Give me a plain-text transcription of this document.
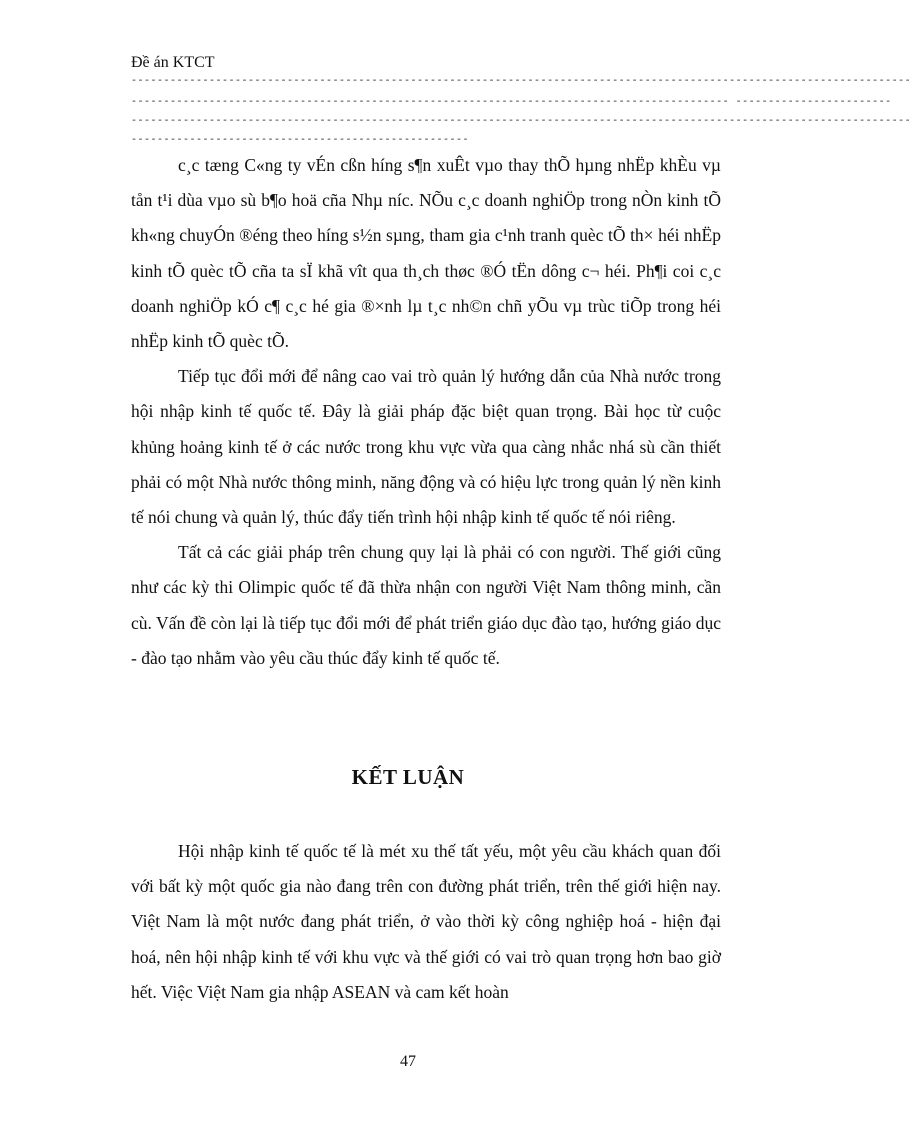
Đề án KTCT
------------------------------------------------------------------------------------------------------------------------
-------------------------------------------------------------------------------------------- ------------------------
------------------------------------------------------------------------------------------------------------------------
----------------------------------------------------

c¸c tæng C«ng ty vÉn cßn híng s¶n xuÊt vµo thay thÕ hµng nhËp khÈu vµ tån t¹i dùa vµo sù b¶o hoä cña Nhµ níc. NÕu c¸c doanh nghiÖp trong nÒn kinh tÕ kh«ng chuyÓn ®éng theo híng s½n sµng, tham gia c¹nh tranh quèc tÕ th× héi nhËp kinh tÕ quèc tÕ cña ta sÏ khã vît qua th¸ch thøc ®Ó tËn dông c¬ héi. Ph¶i coi c¸c doanh nghiÖp kÓ c¶ c¸c hé gia ®×nh lµ t¸c nh©n chñ yÕu vµ trùc tiÕp trong héi nhËp kinh tÕ quèc tÕ.

Tiếp tục đổi mới để nâng cao vai trò quản lý hướng dẫn của Nhà nước trong hội nhập kinh tế quốc tế. Đây là giải pháp đặc biệt quan trọng. Bài học từ cuộc khủng hoảng kinh tế ở các nước trong khu vực vừa qua càng nhắc nhá sù cần thiết phải có một Nhà nước thông minh, năng động và có hiệu lực trong quản lý nền kinh tế nói chung và quản lý, thúc đẩy tiến trình hội nhập kinh tế quốc tế nói riêng.

Tất cả các giải pháp trên chung quy lại là phải có con người. Thế giới cũng như các kỳ thi Olimpic quốc tế đã thừa nhận con người Việt Nam thông minh, cần cù. Vấn đề còn lại là tiếp tục đổi mới để phát triển giáo dục đào tạo, hướng giáo dục - đào tạo nhằm vào yêu cầu thúc đẩy kinh tế quốc tế.

KẾT LUẬN

Hội nhập kinh tế quốc tế là mét xu thế tất yếu, một yêu cầu khách quan đối với bất kỳ một quốc gia nào đang trên con đường phát triển, trên thế giới hiện nay. Việt Nam là một nước đang phát triển, ở vào thời kỳ công nghiệp hoá - hiện đại hoá, nên hội nhập kinh tế với khu vực và thế giới có vai trò quan trọng hơn bao giờ hết. Việc Việt Nam gia nhập ASEAN và cam kết hoàn

47
